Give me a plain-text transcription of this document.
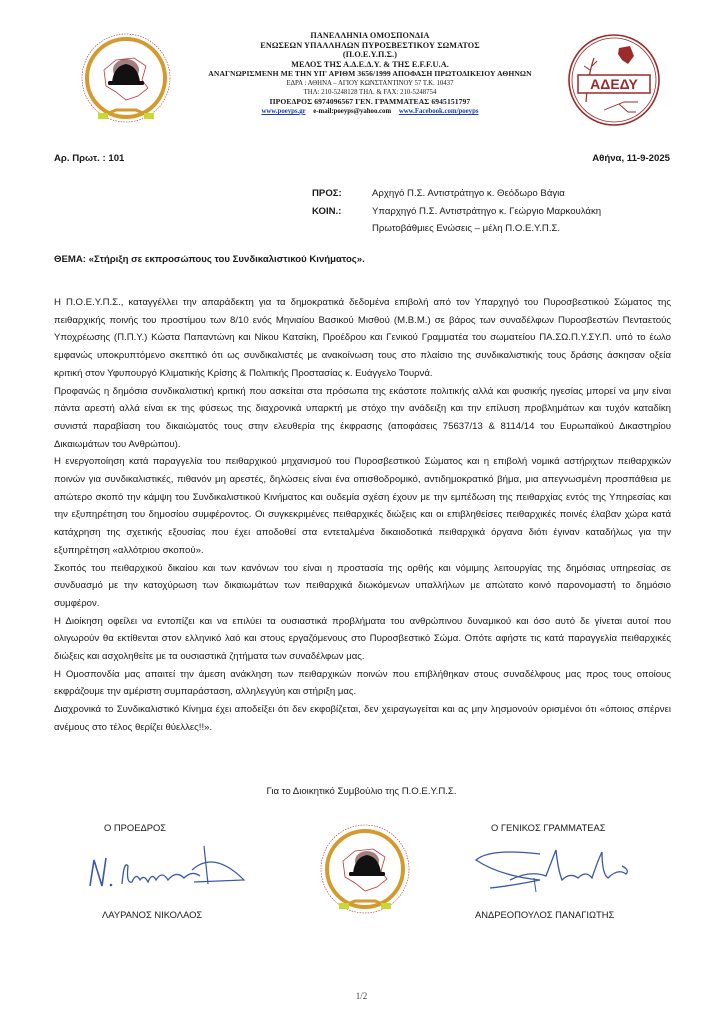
ΠΑΝΕΛΛΗΝΙΑ ΟΜΟΣΠΟΝΔΙΑ
ΕΝΩΣΕΩΝ ΥΠΑΛΛΗΛΩΝ ΠΥΡΟΣΒΕΣΤΙΚΟΥ ΣΩΜΑΤΟΣ
(Π.Ο.Ε.Υ.Π.Σ.)
ΜΕΛΟΣ ΤΗΣ Α.Δ.Ε.Δ.Υ. & ΤΗΣ E.F.F.U.A.
ΑΝΑΓΝΩΡΙΣΜΕΝΗ ΜΕ ΤΗΝ ΥΠ' ΑΡΙΘΜ 3656/1999 ΑΠΟΦΑΣΗ ΠΡΩΤΟΔΙΚΕΙΟΥ ΑΘΗΝΩΝ
ΕΔΡΑ : ΑΘΗΝΑ – ΑΓΙΟΥ ΚΩΝΣΤΑΝΤΙΝΟΥ 57 Τ.Κ. 10437
ΤΗΛ: 210-5248128 ΤΗΛ. & FAX: 210-5248754
ΠΡΟΕΔΡΟΣ 6974096567 ΓΕΝ. ΓΡΑΜΜΑΤΕΑΣ 6945151797
www.poeyps.gr e-mail:poeyps@yahoo.com www.Facebook.com/poeyps
ΑΔΕΔΥ
Αρ. Πρωτ. : 101	Αθήνα, 11-9-2025
ΠΡΟΣ:	Αρχηγό Π.Σ. Αντιστράτηγο κ. Θεόδωρο Βάγια
ΚΟΙΝ.:	Υπαρχηγό Π.Σ. Αντιστράτηγο κ. Γεώργιο Μαρκουλάκη
Πρωτοβάθμιες Ενώσεις – μέλη Π.Ο.Ε.Υ.Π.Σ.
ΘΕΜΑ: «Στήριξη σε εκπροσώπους του Συνδικαλιστικού Κινήματος».

Η Π.Ο.Ε.Υ.Π.Σ., καταγγέλλει την απαράδεκτη για τα δημοκρατικά δεδομένα επιβολή από τον Υπαρχηγό του Πυροσβεστικού Σώματος της πειθαρχικής ποινής του προστίμου των 8/10 ενός Μηνιαίου Βασικού Μισθού (Μ.Β.Μ.) σε βάρος των συναδέλφων Πυροσβεστών Πενταετούς Υποχρέωσης (Π.Π.Υ.) Κώστα Παπαντώνη και Νίκου Κατσίκη, Προέδρου και Γενικού Γραμματέα του σωματείου ΠΑ.ΣΩ.Π.Υ.ΣΥ.Π. υπό το έωλο εμφανώς υποκρυπτόμενο σκεπτικό ότι ως συνδικαλιστές με ανακοίνωση τους στο πλαίσιο της συνδικαλιστικής τους δράσης άσκησαν οξεία κριτική στον Υφυπουργό Κλιματικής Κρίσης & Πολιτικής Προστασίας κ. Ευάγγελο Τουρνά.

Προφανώς η δημόσια συνδικαλιστική κριτική που ασκείται στα πρόσωπα της εκάστοτε πολιτικής αλλά και φυσικής ηγεσίας μπορεί να μην είναι πάντα αρεστή αλλά είναι εκ της φύσεως της διαχρονικά υπαρκτή με στόχο την ανάδειξη και την επίλυση προβλημάτων και τυχόν καταδίκη συνιστά παραβίαση του δικαιώματός τους στην ελευθερία της έκφρασης (αποφάσεις 75637/13 & 8114/14 του Ευρωπαϊκού Δικαστηρίου Δικαιωμάτων του Ανθρώπου).

Η ενεργοποίηση κατά παραγγελία του πειθαρχικού μηχανισμού του Πυροσβεστικού Σώματος και η επιβολή νομικά αστήριχτων πειθαρχικών ποινών για συνδικαλιστικές, πιθανόν μη αρεστές, δηλώσεις είναι ένα οπισθοδρομικό, αντιδημοκρατικό βήμα, μια απεγνωσμένη προσπάθεια με απώτερο σκοπό την κάμψη του Συνδικαλιστικού Κινήματος και ουδεμία σχέση έχουν με την εμπέδωση της πειθαρχίας εντός της Υπηρεσίας και την εξυπηρέτηση του δημοσίου συμφέροντος. Οι συγκεκριμένες πειθαρχικές διώξεις και οι επιβληθείσες πειθαρχικές ποινές έλαβαν χώρα κατά κατάχρηση της σχετικής εξουσίας που έχει αποδοθεί στα εντεταλμένα δικαιοδοτικά πειθαρχικά όργανα διότι έγιναν καταδήλως για την εξυπηρέτηση «αλλότριου σκοπού».

Σκοπός του πειθαρχικού δικαίου και των κανόνων του είναι η προστασία της ορθής και νόμιμης λειτουργίας της δημόσιας υπηρεσίας σε συνδυασμό με την κατοχύρωση των δικαιωμάτων των πειθαρχικά διωκόμενων υπαλλήλων με απώτατο κοινό παρονομαστή το δημόσιο συμφέρον.

Η Διοίκηση οφείλει να εντοπίζει και να επιλύει τα ουσιαστικά προβλήματα του ανθρώπινου δυναμικού και όσο αυτό δε γίνεται αυτοί που ολιγωρούν θα εκτίθενται στον ελληνικό λαό και στους εργαζόμενους στο Πυροσβεστικό Σώμα. Οπότε αφήστε τις κατά παραγγελία πειθαρχικές διώξεις και ασχοληθείτε με τα ουσιαστικά ζητήματα των συναδέλφων μας.

Η Ομοσπονδία μας απαιτεί την άμεση ανάκληση των πειθαρχικών ποινών που επιβλήθηκαν στους συναδέλφους μας προς τους οποίους εκφράζουμε την αμέριστη συμπαράσταση, αλληλεγγύη και στήριξη μας.

Διαχρονικά το Συνδικαλιστικό Κίνημα έχει αποδείξει ότι δεν εκφοβίζεται, δεν χειραγωγείται και ας μην λησμονούν ορισμένοι ότι «όποιος σπέρνει ανέμους στο τέλος θερίζει θύελλες!!».

Για το Διοικητικό Συμβούλιο της Π.Ο.Ε.Υ.Π.Σ.
Ο ΠΡΟΕΔΡΟΣ	Ο ΓΕΝΙΚΟΣ ΓΡΑΜΜΑΤΕΑΣ
ΛΑΥΡΑΝΟΣ ΝΙΚΟΛΑΟΣ	ΑΝΔΡΕΟΠΟΥΛΟΣ ΠΑΝΑΓΙΩΤΗΣ
1/2
